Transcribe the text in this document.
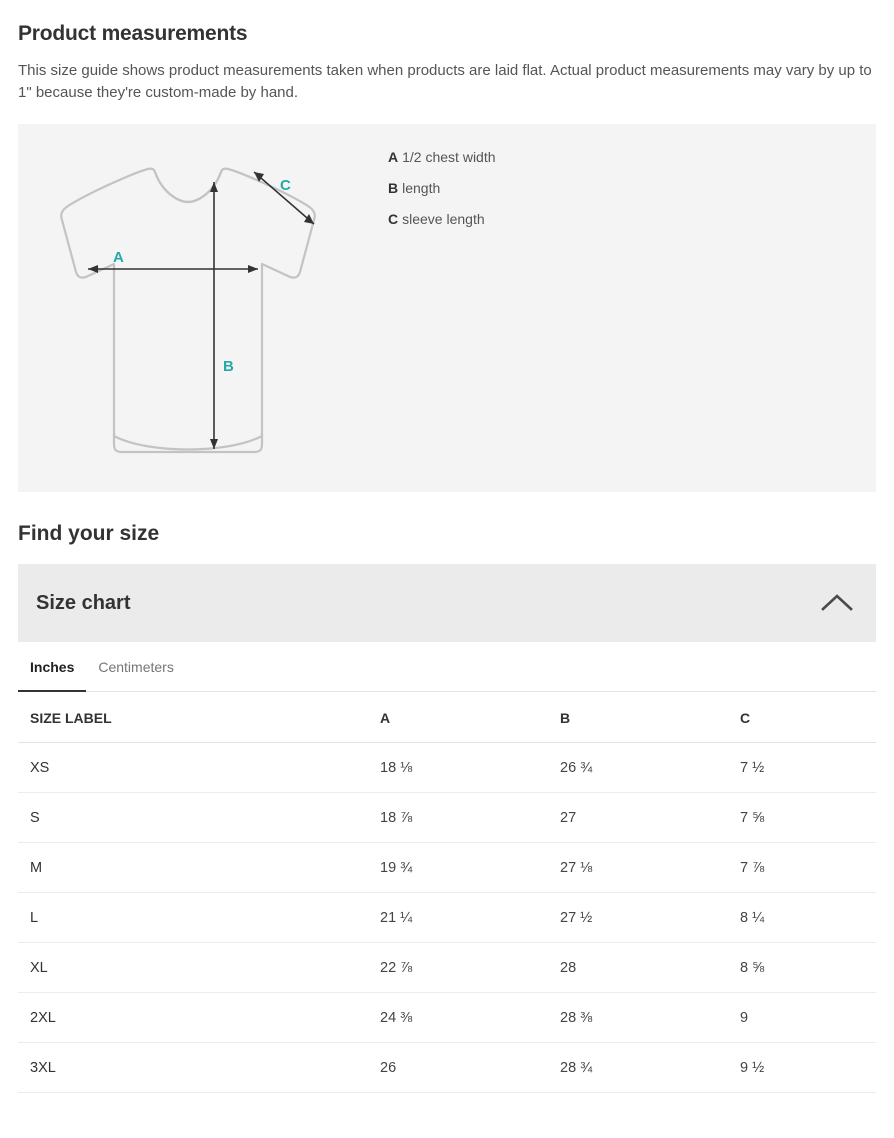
Product measurements

This size guide shows product measurements taken when products are laid flat. Actual product measurements may vary by up to 1" because they're custom-made by hand.

A
B
C
A 1/2 chest width
B length
C sleeve length
Find your size
Size chart
Inches	Centimeters
SIZE LABEL	A	B	C
XS	18 ⅛	26 ¾	7 ½
S	18 ⅞	27	7 ⅝
M	19 ¾	27 ⅛	7 ⅞
L	21 ¼	27 ½	8 ¼
XL	22 ⅞	28	8 ⅝
2XL	24 ⅜	28 ⅜	9
3XL	26	28 ¾	9 ½
